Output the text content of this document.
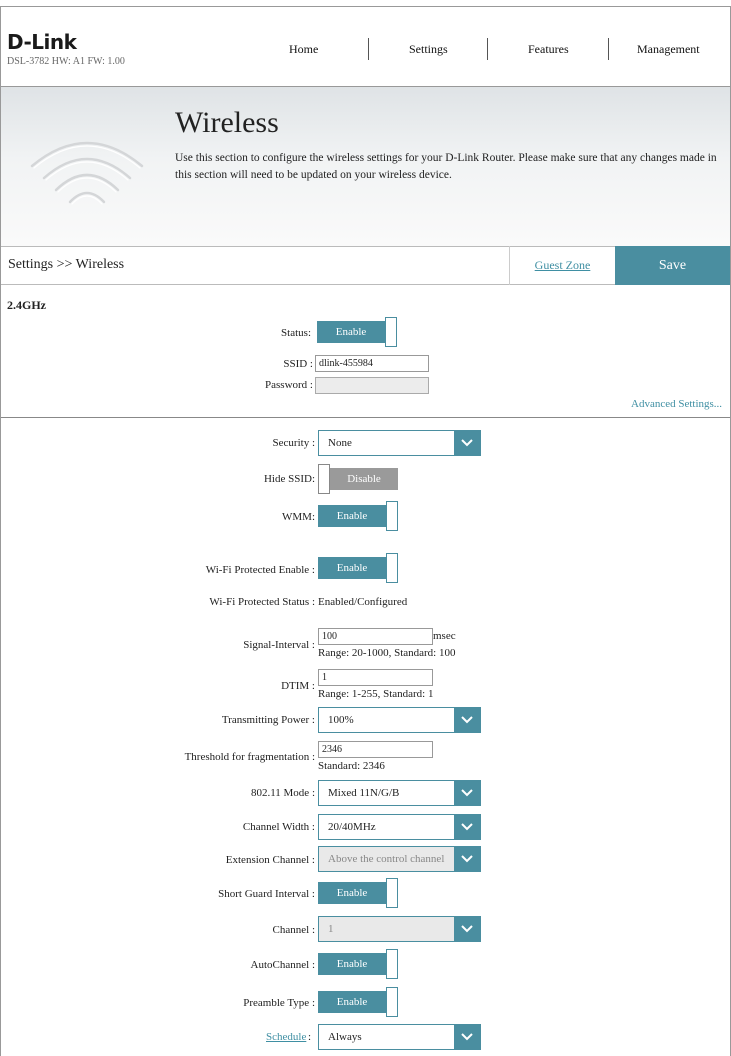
D-Link
DSL-3782 HW: A1 FW: 1.00
Home	Settings	Features	Management
Wireless
Use this section to configure the wireless settings for your D-Link Router. Please make sure that any changes made in this section will need to be updated on your wireless device.
Settings >> Wireless	Guest Zone	Save
2.4GHz
Status:	Enable
SSID : dlink-455984
Password :
Advanced Settings...
Security : None
Hide SSID:	Disable
WMM:	Enable
Wi-Fi Protected Enable :	Enable
Wi-Fi Protected Status : Enabled/Configured
Signal-Interval :
100	msec
Range: 20-1000, Standard: 100
DTIM :
1
Range: 1-255, Standard: 1
Transmitting Power : 100%
Threshold for fragmentation :
2346
Standard: 2346
802.11 Mode : Mixed 11N/G/B
Channel Width : 20/40MHz
Extension Channel : Above the control channel
Short Guard Interval :	Enable
Channel : 1
AutoChannel :	Enable
Preamble Type :	Enable
Schedule : Always
